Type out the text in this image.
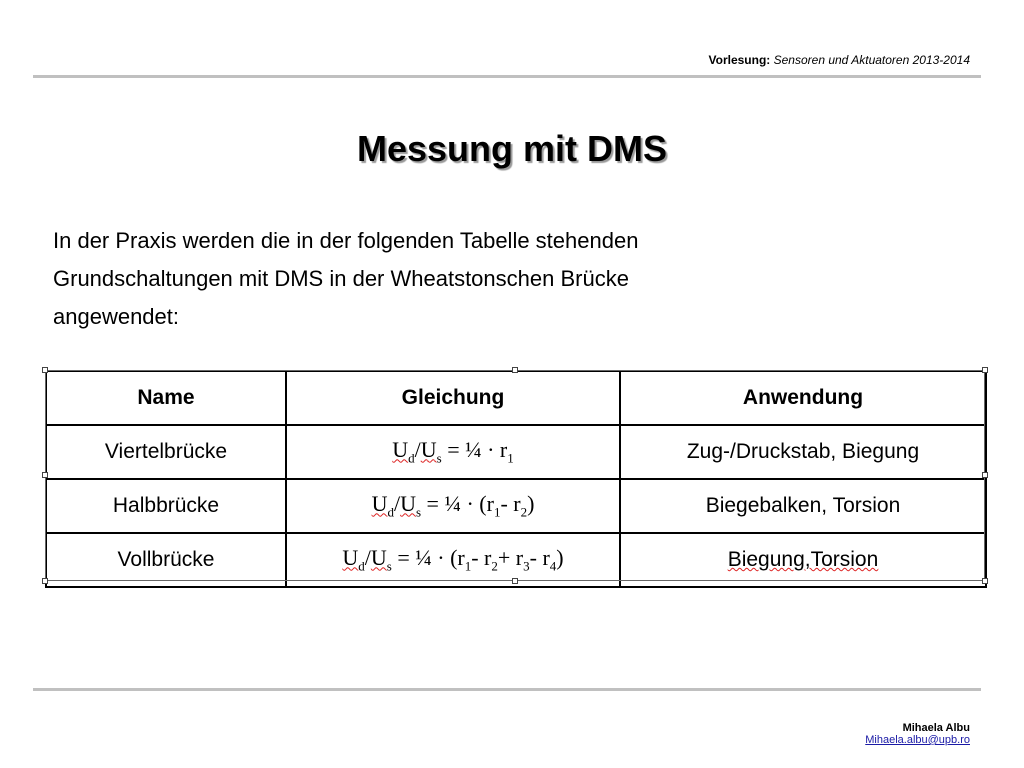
Vorlesung: Sensoren und Aktuatoren 2013-2014
Messung mit DMS
In der Praxis werden die in der folgenden Tabelle stehenden
Grundschaltungen mit DMS in der Wheatstonschen Brücke
angewendet:
Name	Gleichung	Anwendung
Viertelbrücke	$U_d/U_s$ = ¼ · $r_1$	Zug-/Druckstab, Biegung
Halbbrücke	$U_d/U_s$ = ¼ · ($r_1-$ $r_2$)	Biegebalken, Torsion
Vollbrücke	$U_d/U_s$ = ¼ · ($r_1-$ $r_2+ r_3-$ $r_4$)	Biegung,Torsion
Mihaela Albu
Mihaela.albu@upb.ro
